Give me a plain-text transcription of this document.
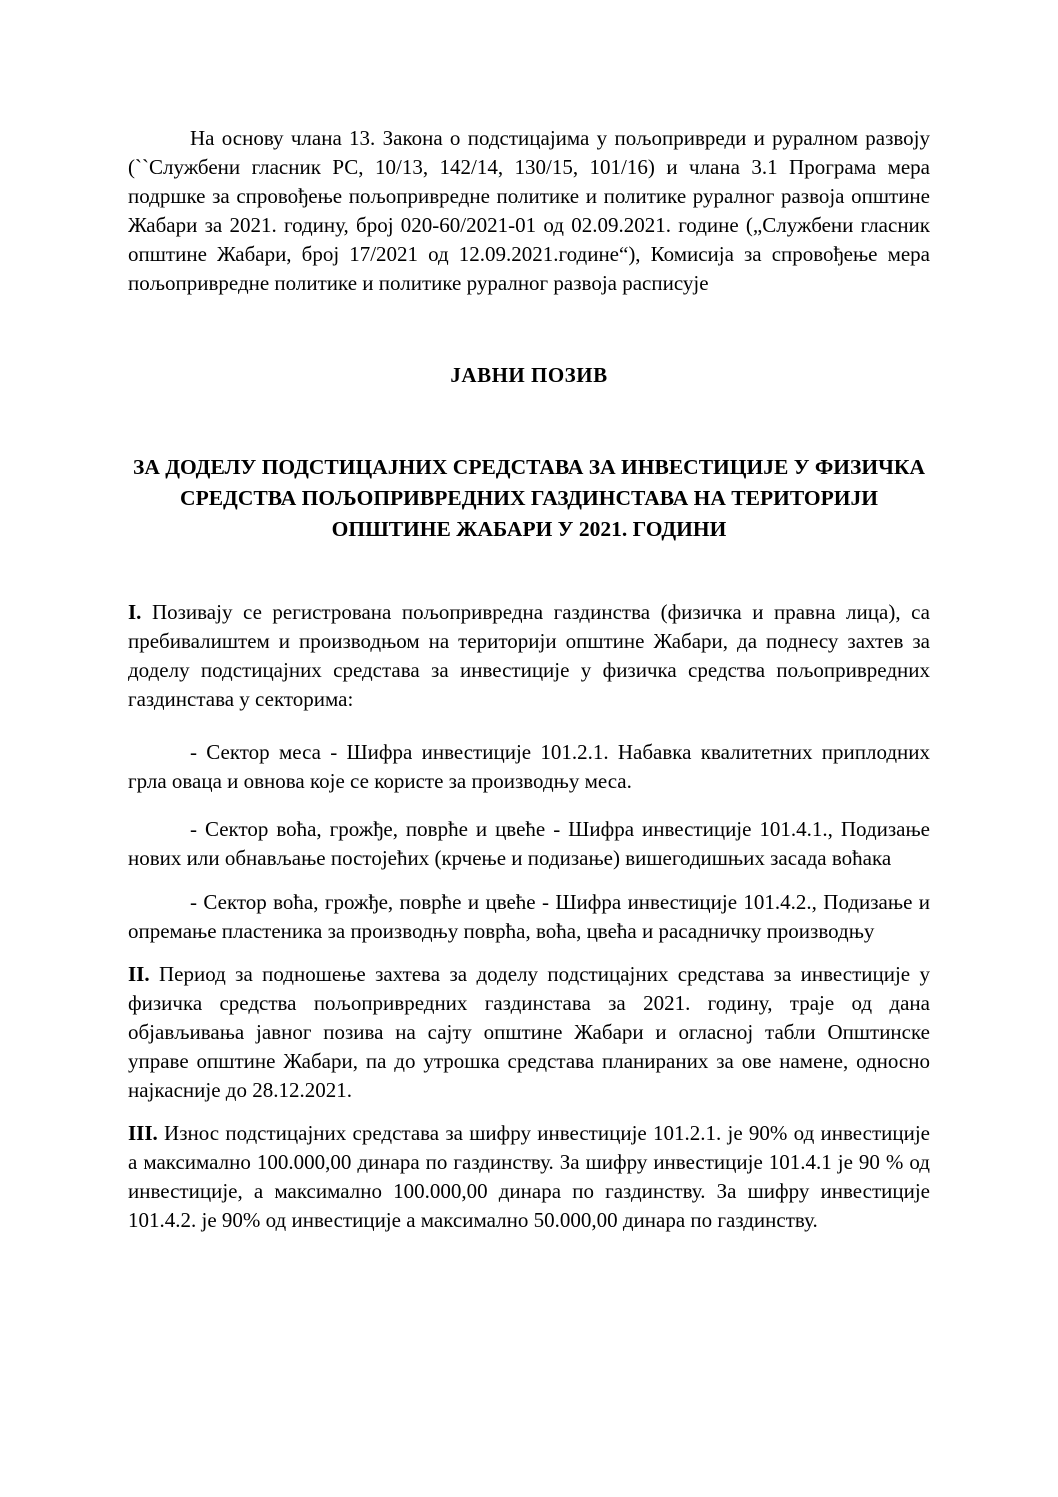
На основу члана 13. Закона о подстицајима у пољопривреди и руралном развоју (``Службени гласник РС, 10/13, 142/14, 130/15, 101/16) и члана 3.1 Програма мера подршке за спровођење пољопривредне политике и политике руралног развоја општине Жабари за 2021. годину, број 020-60/2021-01 од 02.09.2021. године („Службени гласник општине Жабари, број 17/2021 од 12.09.2021.године“), Комисија за спровођење мера пољопривредне политике и политике руралног развоја расписује

ЈАВНИ ПОЗИВ

ЗА ДОДЕЛУ ПОДСТИЦАЈНИХ СРЕДСТАВА ЗА ИНВЕСТИЦИЈЕ У ФИЗИЧКА
СРЕДСТВА ПОЉОПРИВРЕДНИХ ГАЗДИНСТАВА НА ТЕРИТОРИЈИ
ОПШТИНЕ ЖАБАРИ У 2021. ГОДИНИ

I. Позивају се регистрована пољопривредна газдинства (физичка и правна лица), са пребивалиштем и производњом на територији општине Жабари, да поднесу захтев за доделу подстицајних средстава за инвестиције у физичка средства пољопривредних газдинстава у секторима:

- Сектор меса - Шифра инвестиције 101.2.1. Набавка квалитетних приплодних грла оваца и овнова које се користе за производњу меса.

- Сектор воћа, грожђе, поврће и цвеће - Шифра инвестиције 101.4.1., Подизање нових или обнављање постојећих (крчење и подизање) вишегодишњих засада воћака

- Сектор воћа, грожђе, поврће и цвеће - Шифра инвестиције 101.4.2., Подизање и опремање пластеника за производњу поврћа, воћа, цвећа и расадничку производњу

II. Период за подношење захтева за доделу подстицајних средстава за инвестиције у физичка средства пољопривредних газдинстава за 2021. годину, траје од дана објављивања јавног позива на сајту општине Жабари и огласној табли Општинске управе општине Жабари, па до утрошка средстава планираних за ове намене, односно најкасније до 28.12.2021.

III. Износ подстицајних средстава за шифру инвестиције 101.2.1. је 90% од инвестиције а максимално 100.000,00 динара по газдинству. За шифру инвестиције 101.4.1 је 90 % од инвестиције, а максимално 100.000,00 динара по газдинству. За шифру инвестиције 101.4.2. је 90% од инвестиције а максимално 50.000,00 динара по газдинству.
